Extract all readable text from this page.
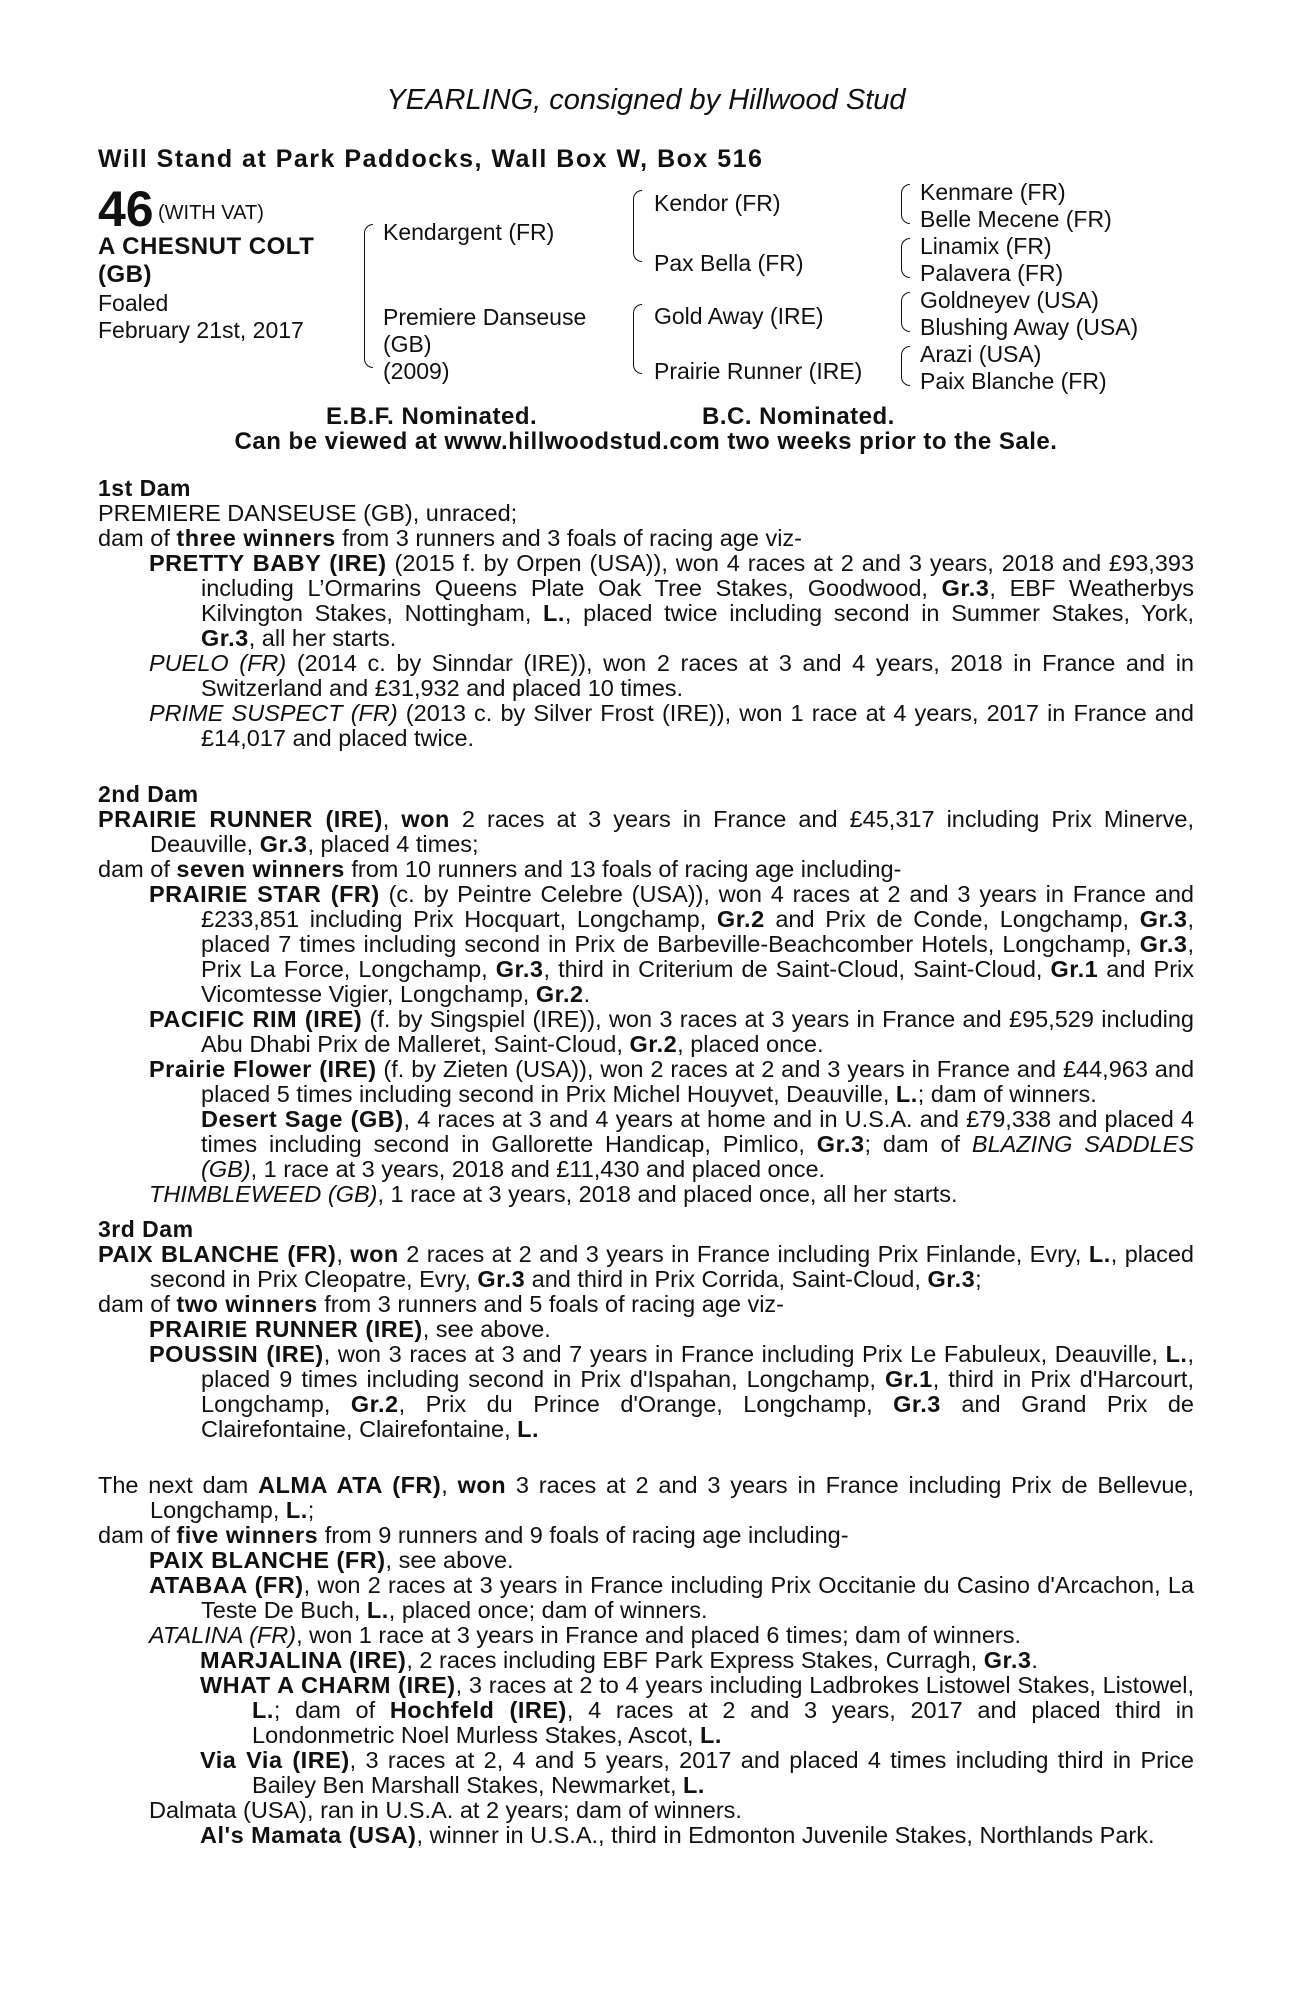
YEARLING, consigned by Hillwood Stud
Will Stand at Park Paddocks, Wall Box W, Box 516
46 (WITH VAT)
A CHESNUT COLT
(GB)
Foaled
February 21st, 2017
Kendargent (FR)
Premiere Danseuse
(GB)
(2009)
Kendor (FR)
Pax Bella (FR)
Gold Away (IRE)
Prairie Runner (IRE)
Kenmare (FR)
Belle Mecene (FR)
Linamix (FR)
Palavera (FR)
Goldneyev (USA)
Blushing Away (USA)
Arazi (USA)
Paix Blanche (FR)
E.B.F. Nominated.	B.C. Nominated.
Can be viewed at www.hillwoodstud.com two weeks prior to the Sale.
1st Dam
PREMIERE DANSEUSE (GB), unraced;
dam of three winners from 3 runners and 3 foals of racing age viz-
PRETTY BABY (IRE) (2015 f. by Orpen (USA)), won 4 races at 2 and 3 years, 2018 and £93,393 including L’Ormarins Queens Plate Oak Tree Stakes, Goodwood, Gr.3, EBF Weatherbys Kilvington Stakes, Nottingham, L., placed twice including second in Summer Stakes, York, Gr.3, all her starts.
PUELO (FR) (2014 c. by Sinndar (IRE)), won 2 races at 3 and 4 years, 2018 in France and in Switzerland and £31,932 and placed 10 times.
PRIME SUSPECT (FR) (2013 c. by Silver Frost (IRE)), won 1 race at 4 years, 2017 in France and £14,017 and placed twice.
2nd Dam
PRAIRIE RUNNER (IRE), won 2 races at 3 years in France and £45,317 including Prix Minerve, Deauville, Gr.3, placed 4 times;
dam of seven winners from 10 runners and 13 foals of racing age including-
PRAIRIE STAR (FR) (c. by Peintre Celebre (USA)), won 4 races at 2 and 3 years in France and £233,851 including Prix Hocquart, Longchamp, Gr.2 and Prix de Conde, Longchamp, Gr.3, placed 7 times including second in Prix de Barbeville-Beachcomber Hotels, Longchamp, Gr.3, Prix La Force, Longchamp, Gr.3, third in Criterium de Saint-Cloud, Saint-Cloud, Gr.1 and Prix Vicomtesse Vigier, Longchamp, Gr.2.
PACIFIC RIM (IRE) (f. by Singspiel (IRE)), won 3 races at 3 years in France and £95,529 including Abu Dhabi Prix de Malleret, Saint-Cloud, Gr.2, placed once.
Prairie Flower (IRE) (f. by Zieten (USA)), won 2 races at 2 and 3 years in France and £44,963 and placed 5 times including second in Prix Michel Houyvet, Deauville, L.; dam of winners.
Desert Sage (GB), 4 races at 3 and 4 years at home and in U.S.A. and £79,338 and placed 4 times including second in Gallorette Handicap, Pimlico, Gr.3; dam of BLAZING SADDLES (GB), 1 race at 3 years, 2018 and £11,430 and placed once.
THIMBLEWEED (GB), 1 race at 3 years, 2018 and placed once, all her starts.
3rd Dam
PAIX BLANCHE (FR), won 2 races at 2 and 3 years in France including Prix Finlande, Evry, L., placed second in Prix Cleopatre, Evry, Gr.3 and third in Prix Corrida, Saint-Cloud, Gr.3;
dam of two winners from 3 runners and 5 foals of racing age viz-
PRAIRIE RUNNER (IRE), see above.
POUSSIN (IRE), won 3 races at 3 and 7 years in France including Prix Le Fabuleux, Deauville, L., placed 9 times including second in Prix d'Ispahan, Longchamp, Gr.1, third in Prix d'Harcourt, Longchamp, Gr.2, Prix du Prince d'Orange, Longchamp, Gr.3 and Grand Prix de Clairefontaine, Clairefontaine, L.
The next dam ALMA ATA (FR), won 3 races at 2 and 3 years in France including Prix de Bellevue, Longchamp, L.;
dam of five winners from 9 runners and 9 foals of racing age including-
PAIX BLANCHE (FR), see above.
ATABAA (FR), won 2 races at 3 years in France including Prix Occitanie du Casino d'Arcachon, La Teste De Buch, L., placed once; dam of winners.
ATALINA (FR), won 1 race at 3 years in France and placed 6 times; dam of winners.
MARJALINA (IRE), 2 races including EBF Park Express Stakes, Curragh, Gr.3.
WHAT A CHARM (IRE), 3 races at 2 to 4 years including Ladbrokes Listowel Stakes, Listowel, L.; dam of Hochfeld (IRE), 4 races at 2 and 3 years, 2017 and placed third in Londonmetric Noel Murless Stakes, Ascot, L.
Via Via (IRE), 3 races at 2, 4 and 5 years, 2017 and placed 4 times including third in Price Bailey Ben Marshall Stakes, Newmarket, L.
Dalmata (USA), ran in U.S.A. at 2 years; dam of winners.
Al's Mamata (USA), winner in U.S.A., third in Edmonton Juvenile Stakes, Northlands Park.
